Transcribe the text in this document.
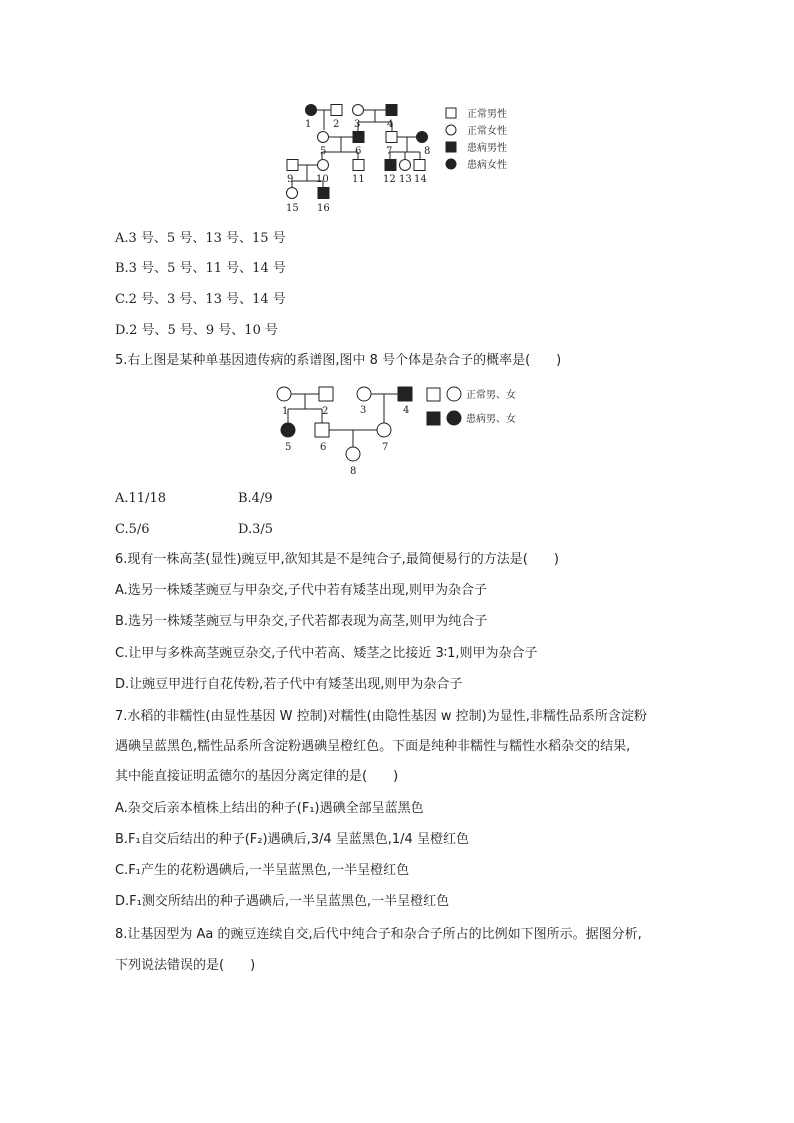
1 2 3	4
5	6 7	8
9 10 11 12 13 14
15 16
正常男性
正常女性
患病男性
患病女性
A.3 号、5 号、13 号、15 号
B.3 号、5 号、11 号、14 号
C.2 号、3 号、13 号、14 号
D.2 号、5 号、9 号、10 号
5.右上图是某种单基因遗传病的系谱图,图中 8 号个体是杂合子的概率是(　　)
1	2	3	4
5	6	7
8
正常男、女
患病男、女
A.11/18	B.4/9
C.5/6	D.3/5
6.现有一株高茎(显性)豌豆甲,欲知其是不是纯合子,最简便易行的方法是(　　)
A.选另一株矮茎豌豆与甲杂交,子代中若有矮茎出现,则甲为杂合子
B.选另一株矮茎豌豆与甲杂交,子代若都表现为高茎,则甲为纯合子
C.让甲与多株高茎豌豆杂交,子代中若高、矮茎之比接近 3∶1,则甲为杂合子
D.让豌豆甲进行自花传粉,若子代中有矮茎出现,则甲为杂合子
7.水稻的非糯性(由显性基因 W 控制)对糯性(由隐性基因 w 控制)为显性,非糯性品系所含淀粉
遇碘呈蓝黑色,糯性品系所含淀粉遇碘呈橙红色。下面是纯种非糯性与糯性水稻杂交的结果,
其中能直接证明孟德尔的基因分离定律的是(　　)
A.杂交后亲本植株上结出的种子(F₁)遇碘全部呈蓝黑色
B.F₁自交后结出的种子(F₂)遇碘后,3/4 呈蓝黑色,1/4 呈橙红色
C.F₁产生的花粉遇碘后,一半呈蓝黑色,一半呈橙红色
D.F₁测交所结出的种子遇碘后,一半呈蓝黑色,一半呈橙红色
8.让基因型为 Aa 的豌豆连续自交,后代中纯合子和杂合子所占的比例如下图所示。据图分析,
下列说法错误的是(　　)
